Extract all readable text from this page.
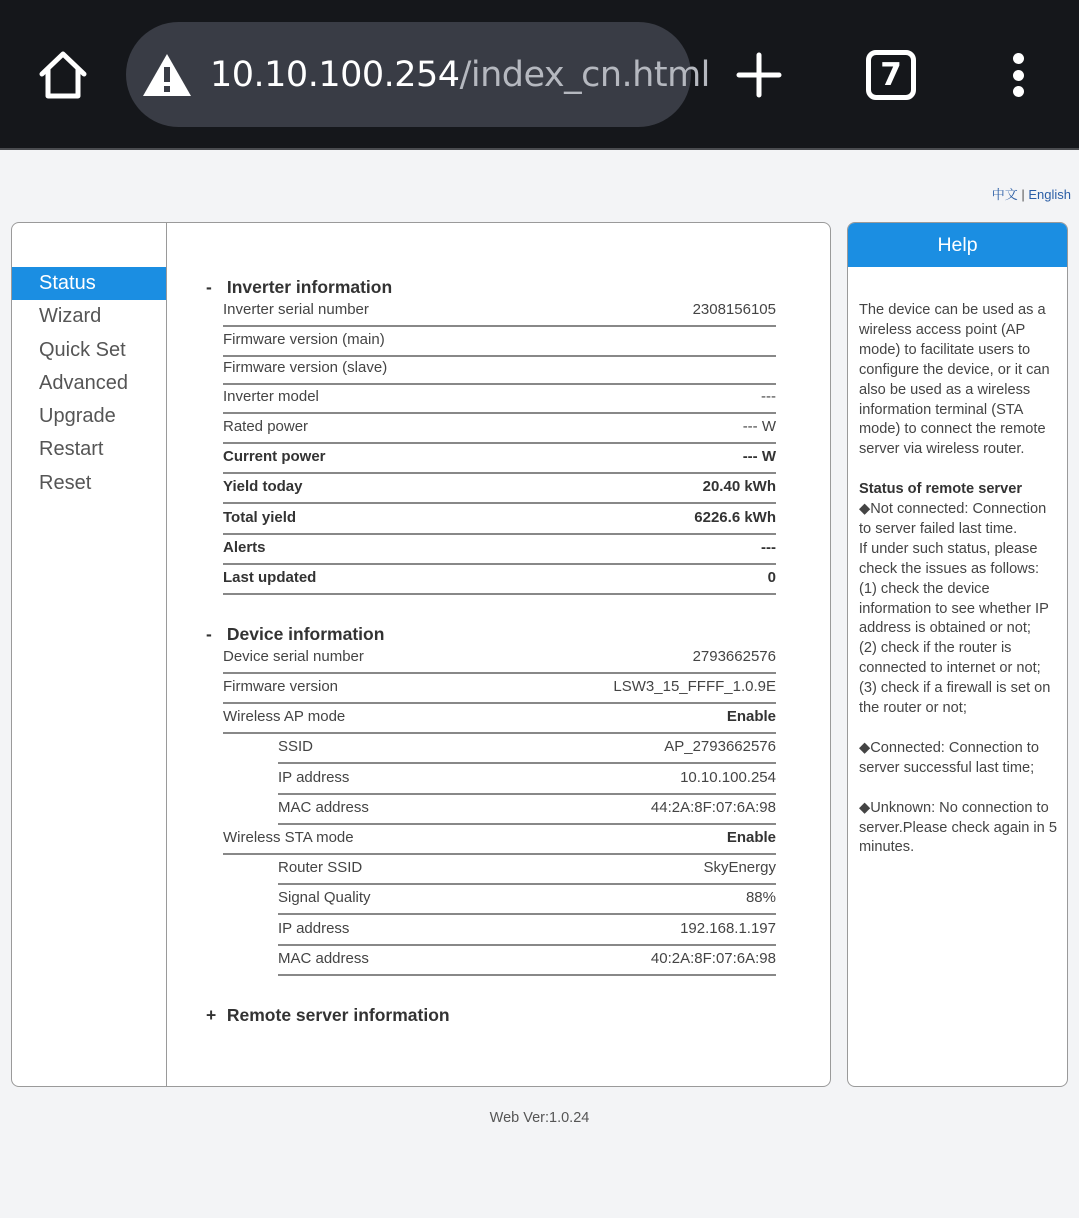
10.10.100.254/index_cn.html	7
中文 | English
Status
Wizard
Quick Set
Advanced
Upgrade
Restart
Reset
- Inverter information
Inverter serial number	2308156105
Firmware version (main)
Firmware version (slave)
Inverter model	---
Rated power	--- W
Current power	--- W
Yield today	20.40 kWh
Total yield	6226.6 kWh
Alerts	---
Last updated	0
- Device information
Device serial number	2793662576
Firmware version	LSW3_15_FFFF_1.0.9E
Wireless AP mode	Enable
SSID	AP_2793662576
IP address	10.10.100.254
MAC address	44:2A:8F:07:6A:98
Wireless STA mode	Enable
Router SSID	SkyEnergy
Signal Quality	88%
IP address	192.168.1.197
MAC address	40:2A:8F:07:6A:98
+ Remote server information
Help

The device can be used as a wireless access point (AP mode) to facilitate users to configure the device, or it can also be used as a wireless information terminal (STA mode) to connect the remote server via wireless router.

Status of remote server

◆Not connected: Connection to server failed last time.

If under such status, please check the issues as follows:

(1) check the device information to see whether IP address is obtained or not;

(2) check if the router is connected to internet or not;

(3) check if a firewall is set on the router or not;

◆Connected: Connection to server successful last time;

◆Unknown: No connection to server.Please check again in 5 minutes.

Web Ver:1.0.24
